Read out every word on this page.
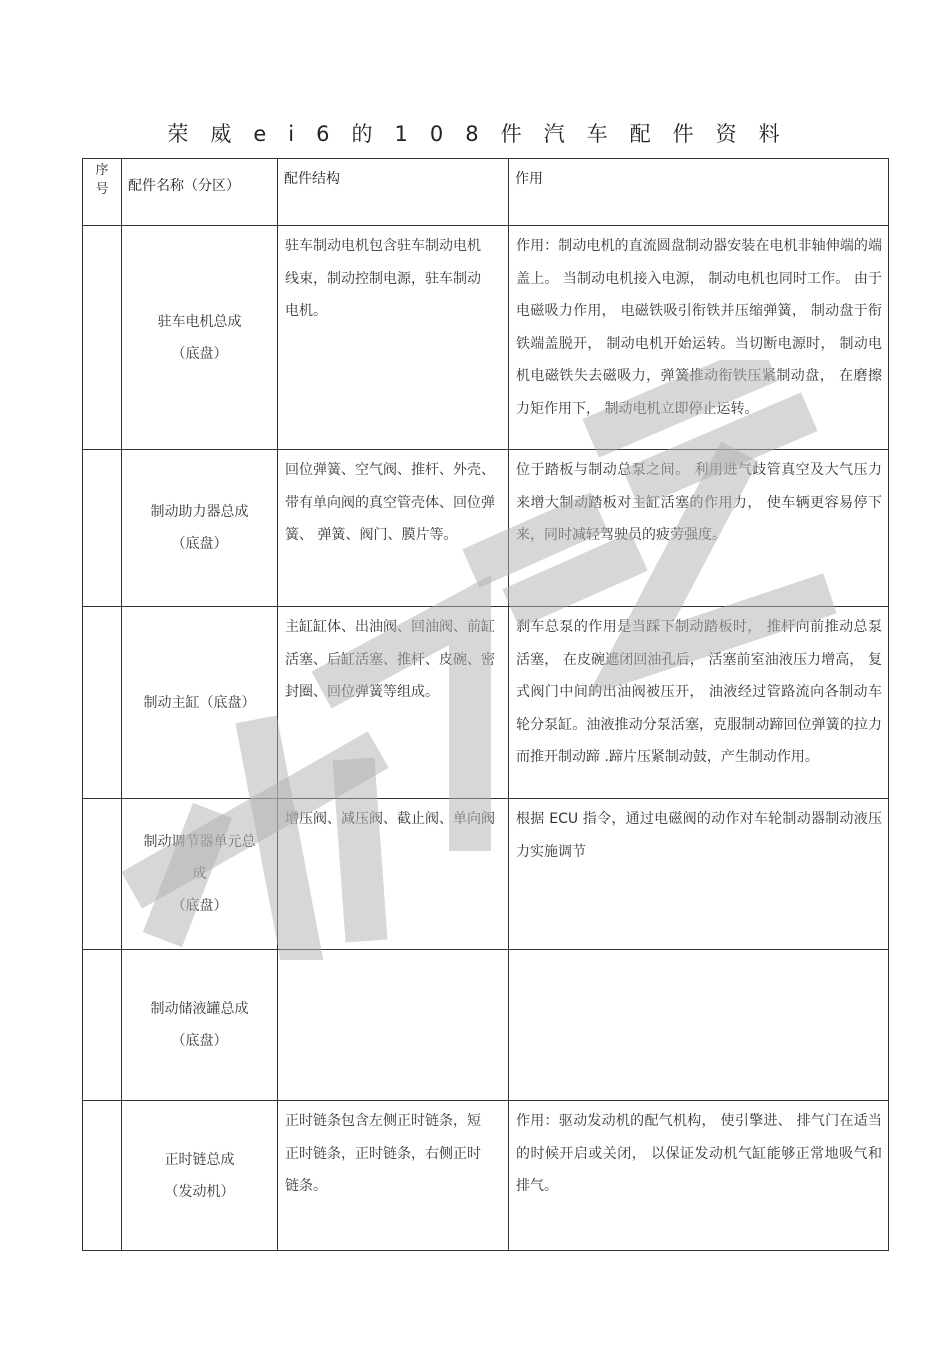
荣威ei6的108件汽车配件资料
序号	配件名称（分区）	配件结构	作用

	驻车电机总成
（底盘）	驻车制动电机包含驻车制动电机线束，制动控制电源，驻车制动电机。	作用：制动电机的直流圆盘制动器安装在电机非轴伸端的端盖上。 当制动电机接入电源， 制动电机也同时工作。 由于电磁吸力作用， 电磁铁吸引衔铁并压缩弹簧， 制动盘于衔铁端盖脱开， 制动电机开始运转。当切断电源时， 制动电机电磁铁失去磁吸力，弹簧推动衔铁压紧制动盘， 在磨擦力矩作用下， 制动电机立即停止运转。

	制动助力器总成
（底盘）	回位弹簧、空气阀、推杆、外壳、带有单向阀的真空管壳体、回位弹簧、 弹簧、阀门、膜片等。	位于踏板与制动总泵之间。 利用进气歧管真空及大气压力来增大制动踏板对主缸活塞的作用力， 使车辆更容易停下来，同时减轻驾驶员的疲劳强度。

	制动主缸（底盘）	主缸缸体、出油阀、回油阀、前缸活塞、后缸活塞、推杆、皮碗、密封圈、回位弹簧等组成。	刹车总泵的作用是当踩下制动踏板时， 推杆向前推动总泵活塞， 在皮碗遮闭回油孔后， 活塞前室油液压力增高， 复式阀门中间的出油阀被压开， 油液经过管路流向各制动车轮分泵缸。油液推动分泵活塞，克服制动蹄回位弹簧的拉力而推开制动蹄 .蹄片压紧制动鼓，产生制动作用。

	制动调节器单元总
成
（底盘）	增压阀、减压阀、截止阀、单向阀	根据 ECU 指令，通过电磁阀的动作对车轮制动器制动液压力实施调节

	制动储液罐总成
（底盘）		

	正时链总成
（发动机）	正时链条包含左侧正时链条，短正时链条，正时链条，右侧正时链条。	作用：驱动发动机的配气机构， 使引擎进、 排气门在适当的时候开启或关闭， 以保证发动机气缸能够正常地吸气和排气。
